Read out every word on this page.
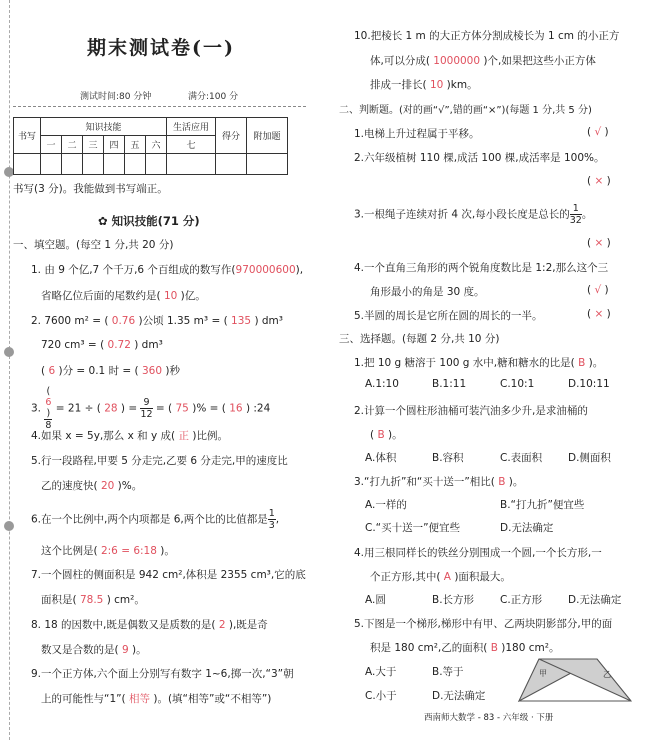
期末测试卷(一)
测试时间:80 分钟	满分:100 分
书写	知识技能						生活应用	得分	附加题
	一	二	三	四	五	六	七		

书写(3 分)。我能做到书写端正。
✿ 知识技能(71 分)
一、填空题。(每空 1 分,共 20 分)
1. 由 9 个亿,7 个千万,6 个百组成的数写作(970000600),
省略亿位后面的尾数约是( 10 )亿。
2. 7600 m² = ( 0.76 )公顷 1.35 m³ = ( 135 ) dm³
720 cm³ = ( 0.72 ) dm³
( 6 )分 = 0.1 时 = ( 360 )秒
3. (
6
)
8 = 21 ÷ ( 28 ) = $\frac{9}{12}$ = ( 75 )% = ( 16 ) :24
4.如果 x = 5y,那么 x 和 y 成( 正 )比例。
5.行一段路程,甲要 5 分走完,乙要 6 分走完,甲的速度比
乙的速度快( 20 )%。
6.在一个比例中,两个内项都是 6,两个比的比值都是 $\frac{1}{3}$ ,
这个比例是( 2:6 = 6:18 )。
7.一个圆柱的侧面积是 942 cm²,体积是 2355 cm³,它的底
面积是( 78.5 ) cm²。
8. 18 的因数中,既是偶数又是质数的是( 2 ),既是奇
数又是合数的是( 9 )。
9.一个正方体,六个面上分别写有数字 1~6,掷一次,“3”朝
上的可能性与“1”( 相等 )。(填“相等”或“不相等”)
10.把棱长 1 m 的大正方体分割成棱长为 1 cm 的小正方
体,可以分成( 1000000 )个,如果把这些小正方体
排成一排长( 10 )km。
二、判断题。(对的画“√”,错的画“×”)(每题 1 分,共 5 分)
1.电梯上升过程属于平移。	( √ )
2.六年级植树 110 棵,成活 100 棵,成活率是 100%。
( × )
3.一根绳子连续对折 4 次,每小段长度是总长的 $\frac{1}{32}$ 。
( × )
4.一个直角三角形的两个锐角度数比是 1:2,那么这个三
角形最小的角是 30 度。	( √ )
5.半圆的周长是它所在圆的周长的一半。	( × )
三、选择题。(每题 2 分,共 10 分)
1.把 10 g 糖溶于 100 g 水中,糖和糖水的比是( B )。
A.1:10	B.1:11	C.10:1	D.10:11
2.计算一个圆柱形油桶可装汽油多少升,是求油桶的
( B )。
A.体积	B.容积	C.表面积 D.侧面积
3.“打九折”和“买十送一”相比( B )。
A.一样的	B.“打九折”便宜些
C.“买十送一”便宜些	D.无法确定
4.用三根同样长的铁丝分别围成一个圆,一个长方形,一
个正方形,其中( A )面积最大。
A.圆	B.长方形 C.正方形 D.无法确定
5.下图是一个梯形,梯形中有甲、乙两块阴影部分,甲的面
积是 180 cm²,乙的面积( B )180 cm²。
A.大于	B.等于
C.小于	D.无法确定
甲	乙
西南师大数学 - 83 - 六年级 · 下册
